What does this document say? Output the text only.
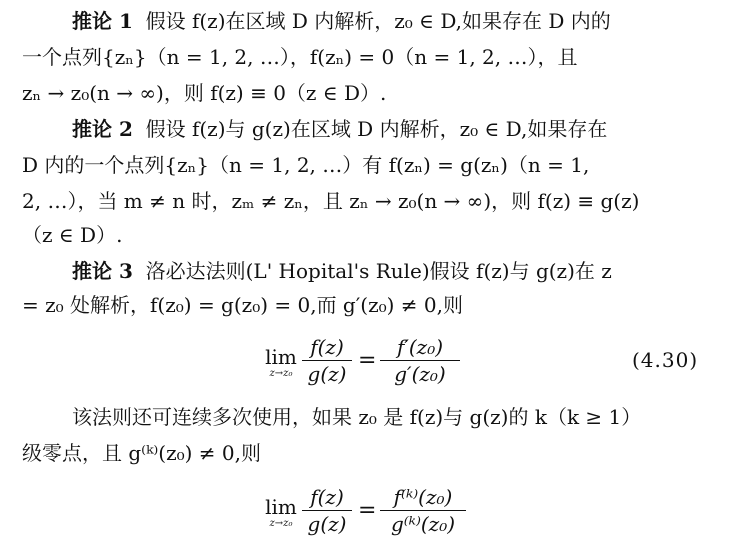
推论 1 假设 f(z)在区域 D 内解析，z₀ ∈ D,如果存在 D 内的
一个点列{zₙ}（n = 1, 2, …），f(zₙ) = 0（n = 1, 2, …），且
zₙ → z₀(n → ∞)，则 f(z) ≡ 0（z ∈ D）.
推论 2 假设 f(z)与 g(z)在区域 D 内解析，z₀ ∈ D,如果存在
D 内的一个点列{zₙ}（n = 1, 2, …）有 f(zₙ) = g(zₙ)（n = 1,
2, …），当 m ≠ n 时，zₘ ≠ zₙ，且 zₙ → z₀(n → ∞)，则 f(z) ≡ g(z)
（z ∈ D）.
推论 3 洛必达法则(L' Hopital's Rule)假设 f(z)与 g(z)在 z
= z₀ 处解析，f(z₀) = g(z₀) = 0,而 g′(z₀) ≠ 0,则
lim
z→z₀
f(z)
g(z)
=
f′(z₀)
g′(z₀)
(4.30)
该法则还可连续多次使用，如果 z₀ 是 f(z)与 g(z)的 k（k ≥ 1）
级零点，且 g⁽ᵏ⁾(z₀) ≠ 0,则
lim
z→z₀
f(z)
g(z)
=
f⁽ᵏ⁾(z₀)
g⁽ᵏ⁾(z₀)
